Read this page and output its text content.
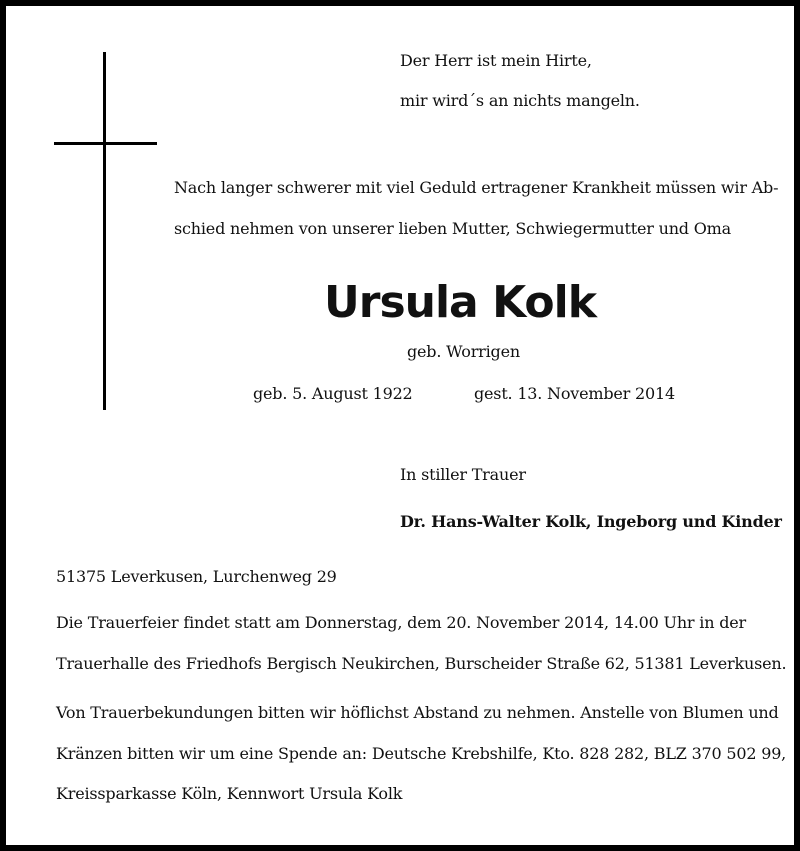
Der Herr ist mein Hirte,
mir wird´s an nichts mangeln.
Nach langer schwerer mit viel Geduld ertragener Krankheit müssen wir Ab-
schied nehmen von unserer lieben Mutter, Schwiegermutter und Oma
Ursula Kolk
geb. Worrigen
geb. 5. August 1922	gest. 13. November 2014
In stiller Trauer
Dr. Hans-Walter Kolk, Ingeborg und Kinder
51375 Leverkusen, Lurchenweg 29
Die Trauerfeier findet statt am Donnerstag, dem 20. November 2014, 14.00 Uhr in der
Trauerhalle des Friedhofs Bergisch Neukirchen, Burscheider Straße 62, 51381 Leverkusen.
Von Trauerbekundungen bitten wir höflichst Abstand zu nehmen. Anstelle von Blumen und
Kränzen bitten wir um eine Spende an: Deutsche Krebshilfe, Kto. 828 282, BLZ 370 502 99,
Kreissparkasse Köln, Kennwort Ursula Kolk
